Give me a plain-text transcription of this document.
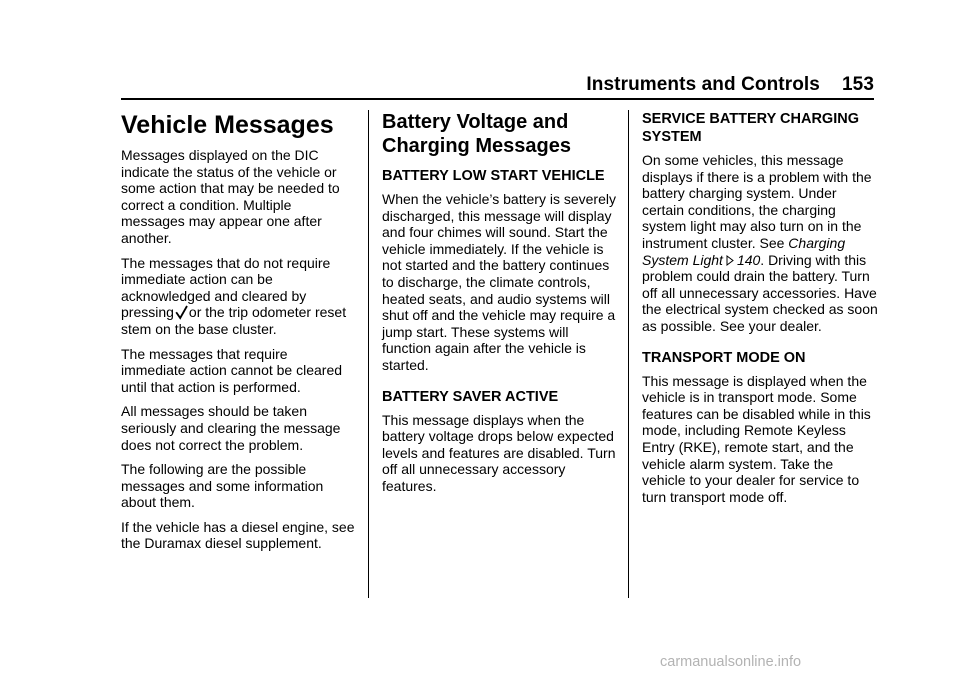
Instruments and Controls 153
Vehicle Messages

Messages displayed on the DIC indicate the status of the vehicle or some action that may be needed to correct a condition. Multiple messages may appear one after another.

The messages that do not require immediate action can be acknowledged and cleared by pressing or the trip odometer reset stem on the base cluster.

The messages that require immediate action cannot be cleared until that action is performed.

All messages should be taken seriously and clearing the message does not correct the problem.

The following are the possible messages and some information about them.

If the vehicle has a diesel engine, see the Duramax diesel supplement.

Battery Voltage and Charging Messages
BATTERY LOW START VEHICLE

When the vehicle’s battery is severely discharged, this message will display and four chimes will sound. Start the vehicle immediately. If the vehicle is not started and the battery continues to discharge, the climate controls, heated seats, and audio systems will shut off and the vehicle may require a jump start. These systems will function again after the vehicle is started.

BATTERY SAVER ACTIVE

This message displays when the battery voltage drops below expected levels and features are disabled. Turn off all unnecessary accessory features.

SERVICE BATTERY CHARGING SYSTEM

On some vehicles, this message displays if there is a problem with the battery charging system. Under certain conditions, the charging system light may also turn on in the instrument cluster. See Charging System Light 140. Driving with this problem could drain the battery. Turn off all unnecessary accessories. Have the electrical system checked as soon as possible. See your dealer.

TRANSPORT MODE ON

This message is displayed when the vehicle is in transport mode. Some features can be disabled while in this mode, including Remote Keyless Entry (RKE), remote start, and the vehicle alarm system. Take the vehicle to your dealer for service to turn transport mode off.

carmanualsonline.info
